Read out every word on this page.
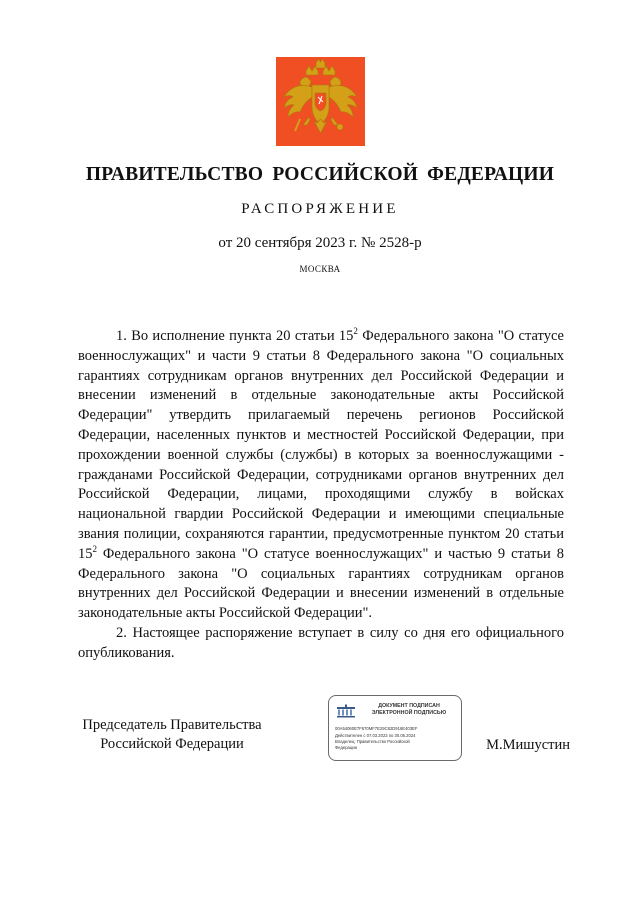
ПРАВИТЕЛЬСТВО РОССИЙСКОЙ ФЕДЕРАЦИИ
РАСПОРЯЖЕНИЕ
от 20 сентября 2023 г. № 2528-р
МОСКВА

1. Во исполнение пункта 20 статьи $15^2$ Федерального закона "О статусе военнослужащих" и части 9 статьи 8 Федерального закона "О социальных гарантиях сотрудникам органов внутренних дел Российской Федерации и внесении изменений в отдельные законодательные акты Российской Федерации" утвердить прилагаемый перечень регионов Российской Федерации, населенных пунктов и местностей Российской Федерации, при прохождении военной службы (службы) в которых за военнослужащими - гражданами Российской Федерации, сотрудниками органов внутренних дел Российской Федерации, лицами, проходящими службу в войсках национальной гвардии Российской Федерации и имеющими специальные звания полиции, сохраняются гарантии, предусмотренные пунктом 20 статьи $15^2$ Федерального закона "О статусе военнослужащих" и частью 9 статьи 8 Федерального закона "О социальных гарантиях сотрудникам органов внутренних дел Российской Федерации и внесении изменений в отдельные законодательные акты Российской Федерации".

2. Настоящее распоряжение вступает в силу со дня его официального опубликования.

Председатель Правительства
Российской Федерации
ДОКУМЕНТ ПОДПИСАН
ЭЛЕКТРОННОЙ ПОДПИСЬЮ
00A54060E7F670MF7E29C82D916E403EF
Действителен с 07.03.2023 по 30.05.2024
Владелец: Правительство Российской
Федерации	М.Мишустин
